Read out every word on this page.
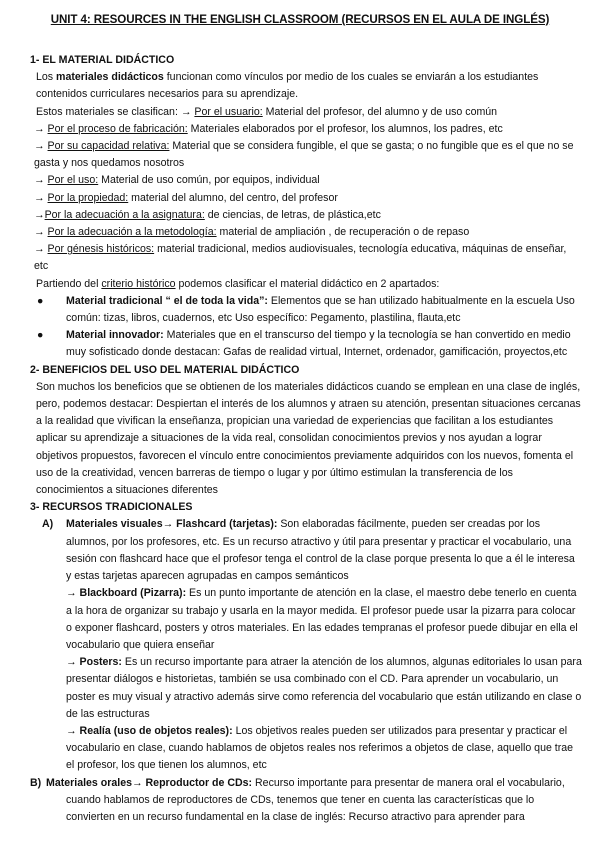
UNIT 4: RESOURCES IN THE ENGLISH CLASSROOM (RECURSOS EN EL AULA DE INGLÉS)

1- EL MATERIAL DIDÁCTICO

Los materiales didácticos funcionan como vínculos por medio de los cuales se enviarán a los estudiantes contenidos curriculares necesarios para su aprendizaje.

Estos materiales se clasifican: → Por el usuario: Material del profesor, del alumno y de uso común

→ Por el proceso de fabricación: Materiales elaborados por el profesor, los alumnos, los padres, etc

→ Por su capacidad relativa: Material que se considera fungible, el que se gasta; o no fungible que es el que no se gasta y nos quedamos nosotros

→ Por el uso: Material de uso común, por equipos, individual

→ Por la propiedad: material del alumno, del centro, del profesor

→Por la adecuación a la asignatura: de ciencias, de letras, de plástica,etc

→ Por la adecuación a la metodología: material de ampliación , de recuperación o de repaso

→ Por génesis históricos: material tradicional, medios audiovisuales, tecnología educativa, máquinas de enseñar, etc

Partiendo del criterio histórico podemos clasificar el material didáctico en 2 apartados:

● Material tradicional “ el de toda la vida”: Elementos que se han utilizado habitualmente en la escuela Uso común: tizas, libros, cuadernos, etc Uso específico: Pegamento, plastilina, flauta,etc
● Material innovador: Materiales que en el transcurso del tiempo y la tecnología se han convertido en medio muy sofisticado donde destacan: Gafas de realidad virtual, Internet, ordenador, gamificación, proyectos,etc

2- BENEFICIOS DEL USO DEL MATERIAL DIDÁCTICO

Son muchos los beneficios que se obtienen de los materiales didácticos cuando se emplean en una clase de inglés, pero, podemos destacar: Despiertan el interés de los alumnos y atraen su atención, presentan situaciones cercanas a la realidad que vivifican la enseñanza, propician una variedad de experiencias que facilitan a los estudiantes aplicar su aprendizaje a situaciones de la vida real, consolidan conocimientos previos y nos ayudan a lograr objetivos propuestos, favorecen el vínculo entre conocimientos previamente adquiridos con los nuevos, fomenta el uso de la creatividad, vencen barreras de tiempo o lugar y por último estimulan la transferencia de los conocimientos a situaciones diferentes

3- RECURSOS TRADICIONALES

A) Materiales visuales→ Flashcard (tarjetas): Son elaboradas fácilmente, pueden ser creadas por los alumnos, por los profesores, etc. Es un recurso atractivo y útil para presentar y practicar el vocabulario, una sesión con flashcard hace que el profesor tenga el control de la clase porque presenta lo que a él le interesa y estas tarjetas aparecen agrupadas en campos semánticos
→ Blackboard (Pizarra): Es un punto importante de atención en la clase, el maestro debe tenerlo en cuenta a la hora de organizar su trabajo y usarla en la mayor medida. El profesor puede usar la pizarra para colocar o exponer flashcard, posters y otros materiales. En las edades tempranas el profesor puede dibujar en ella el vocabulario que quiera enseñar
→ Posters: Es un recurso importante para atraer la atención de los alumnos, algunas editoriales lo usan para presentar diálogos e historietas, también se usa combinado con el CD. Para aprender un vocabulario, un poster es muy visual y atractivo además sirve como referencia del vocabulario que están utilizando en clase o de las estructuras
→ Realía (uso de objetos reales): Los objetivos reales pueden ser utilizados para presentar y practicar el vocabulario en clase, cuando hablamos de objetos reales nos referimos a objetos de clase, aquello que trae el profesor, los que tienen los alumnos, etc
B) Materiales orales→ Reproductor de CDs: Recurso importante para presentar de manera oral el vocabulario, cuando hablamos de reproductores de CDs, tenemos que tener en cuenta las características que lo convierten en un recurso fundamental en la clase de inglés: Recurso atractivo para aprender para
